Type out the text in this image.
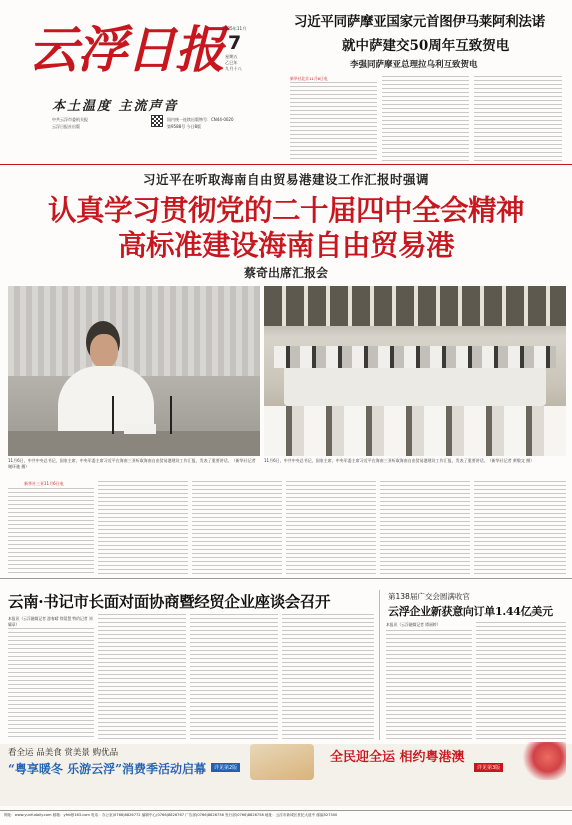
云浮日报
本土温度 主流声音
中共云浮市委机关报
云浮日报社出版
2025年11月
7
星期五
乙巳年
九月十八
国内统一连续出版物号：CN44-0020
第9588号 今日8版
习近平同萨摩亚国家元首图伊马莱阿利法诺
就中萨建交50周年互致贺电
李强同萨摩亚总理拉乌利互致贺电
新华社北京11月6日电
习近平在听取海南自由贸易港建设工作汇报时强调
认真学习贯彻党的二十届四中全会精神
高标准建设海南自由贸易港
蔡奇出席汇报会
11月6日，中共中央总书记、国家主席、中央军委主席习近平在海南三亚听取海南自由贸易港建设工作汇报，发表了重要讲话。（新华社记者 谢环驰 摄）
11月6日，中共中央总书记、国家主席、中央军委主席习近平在海南三亚听取海南自由贸易港建设工作汇报，发表了重要讲话。（新华社记者 黄敬文 摄）
新华社三亚11月6日电
云南·书记市长面对面协商暨经贸企业座谈会召开
本报讯（云浮融媒记者 游春晴 徐晏慧 特约记者 刘耀章）
第138届广交会圆满收官
云浮企业新获意向订单1.44亿美元
本报讯（云浮融媒记者 谭丽婷）
看全运 品美食 赏美景 购优品
“粤享暖冬 乐游云浮”消费季活动启幕	详见第2版
全民迎全运 相约粤港澳
详见第3版
网址：www.yunfudaily.com 邮箱：yfrb@163.com 电话：办公室(0766)8826772 编辑中心(0766)8826767 广告部(0766)8826756 发行部(0766)8826758 地址：云浮市新城区世纪大道中 邮编527300
